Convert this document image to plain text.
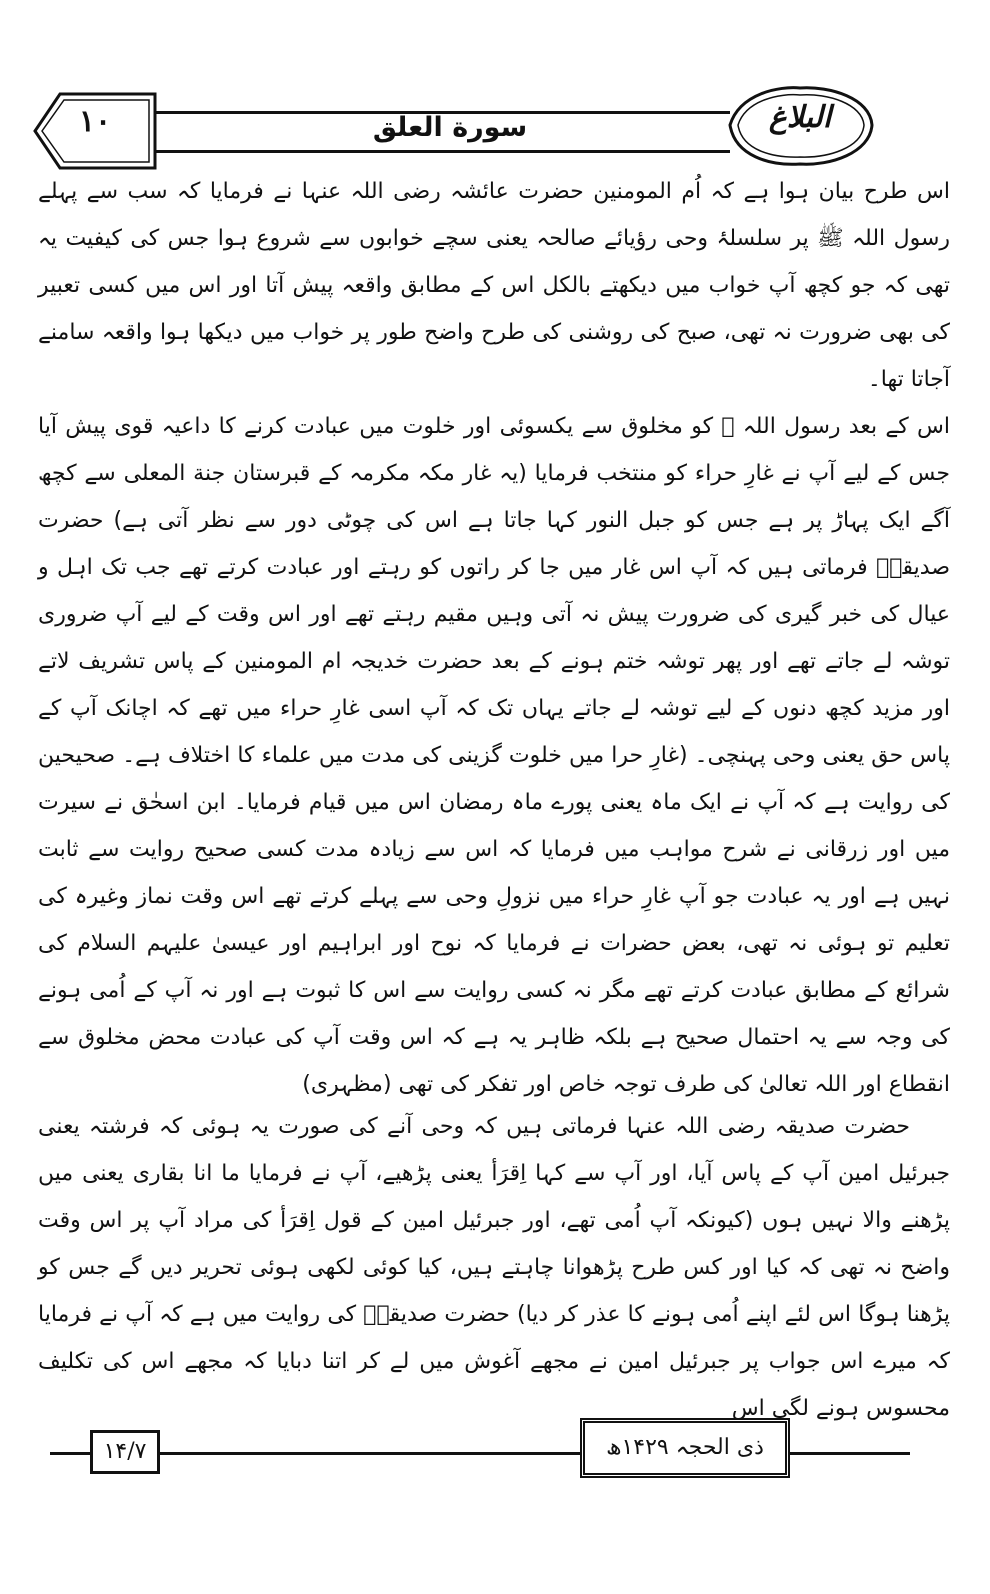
۱۰	سورة العلق	البلاغ

اس طرح بیان ہوا ہے کہ اُم المومنین حضرت عائشہ رضی اللہ عنہا نے فرمایا کہ سب سے پہلے رسول اللہ ﷺ پر سلسلۂ وحی رؤیائے صالحہ یعنی سچے خوابوں سے شروع ہوا جس کی کیفیت یہ تھی کہ جو کچھ آپ خواب میں دیکھتے بالکل اس کے مطابق واقعہ پیش آتا اور اس میں کسی تعبیر کی بھی ضرورت نہ تھی، صبح کی روشنی کی طرح واضح طور پر خواب میں دیکھا ہوا واقعہ سامنے آجاتا تھا۔

اس کے بعد رسول اللہ ﷺ کو مخلوق سے یکسوئی اور خلوت میں عبادت کرنے کا داعیہ قوی پیش آیا جس کے لیے آپ نے غارِ حراء کو منتخب فرمایا (یہ غار مکہ مکرمہ کے قبرستان جنة المعلی سے کچھ آگے ایک پہاڑ پر ہے جس کو جبل النور کہا جاتا ہے اس کی چوٹی دور سے نظر آتی ہے) حضرت صدیقہؓ فرماتی ہیں کہ آپ اس غار میں جا کر راتوں کو رہتے اور عبادت کرتے تھے جب تک اہل و عیال کی خبر گیری کی ضرورت پیش نہ آتی وہیں مقیم رہتے تھے اور اس وقت کے لیے آپ ضروری توشہ لے جاتے تھے اور پھر توشہ ختم ہونے کے بعد حضرت خدیجہ ام المومنین کے پاس تشریف لاتے اور مزید کچھ دنوں کے لیے توشہ لے جاتے یہاں تک کہ آپ اسی غارِ حراء میں تھے کہ اچانک آپ کے پاس حق یعنی وحی پہنچی۔ (غارِ حرا میں خلوت گزینی کی مدت میں علماء کا اختلاف ہے۔ صحیحین کی روایت ہے کہ آپ نے ایک ماہ یعنی پورے ماہ رمضان اس میں قیام فرمایا۔ ابن اسحٰق نے سیرت میں اور زرقانی نے شرح مواہب میں فرمایا کہ اس سے زیادہ مدت کسی صحیح روایت سے ثابت نہیں ہے اور یہ عبادت جو آپ غارِ حراء میں نزولِ وحی سے پہلے کرتے تھے اس وقت نماز وغیرہ کی تعلیم تو ہوئی نہ تھی، بعض حضرات نے فرمایا کہ نوح اور ابراہیم اور عیسیٰ علیہم السلام کی شرائع کے مطابق عبادت کرتے تھے مگر نہ کسی روایت سے اس کا ثبوت ہے اور نہ آپ کے اُمی ہونے کی وجہ سے یہ احتمال صحیح ہے بلکہ ظاہر یہ ہے کہ اس وقت آپ کی عبادت محض مخلوق سے انقطاع اور اللہ تعالیٰ کی طرف توجہ خاص اور تفکر کی تھی (مظہری)

حضرت صدیقہ رضی اللہ عنہا فرماتی ہیں کہ وحی آنے کی صورت یہ ہوئی کہ فرشتہ یعنی جبرئیل امین آپ کے پاس آیا، اور آپ سے کہا اِقرَأ یعنی پڑھیے، آپ نے فرمایا ما انا بقاری یعنی میں پڑھنے والا نہیں ہوں (کیونکہ آپ اُمی تھے، اور جبرئیل امین کے قول اِقرَأ کی مراد آپ پر اس وقت واضح نہ تھی کہ کیا اور کس طرح پڑھوانا چاہتے ہیں، کیا کوئی لکھی ہوئی تحریر دیں گے جس کو پڑھنا ہوگا اس لئے اپنے اُمی ہونے کا عذر کر دیا) حضرت صدیقہؓ کی روایت میں ہے کہ آپ نے فرمایا کہ میرے اس جواب پر جبرئیل امین نے مجھے آغوش میں لے کر اتنا دبایا کہ مجھے اس کی تکلیف محسوس ہونے لگی اس

۱۴/۷	ذی الحجہ ۱۴۲۹ھ
